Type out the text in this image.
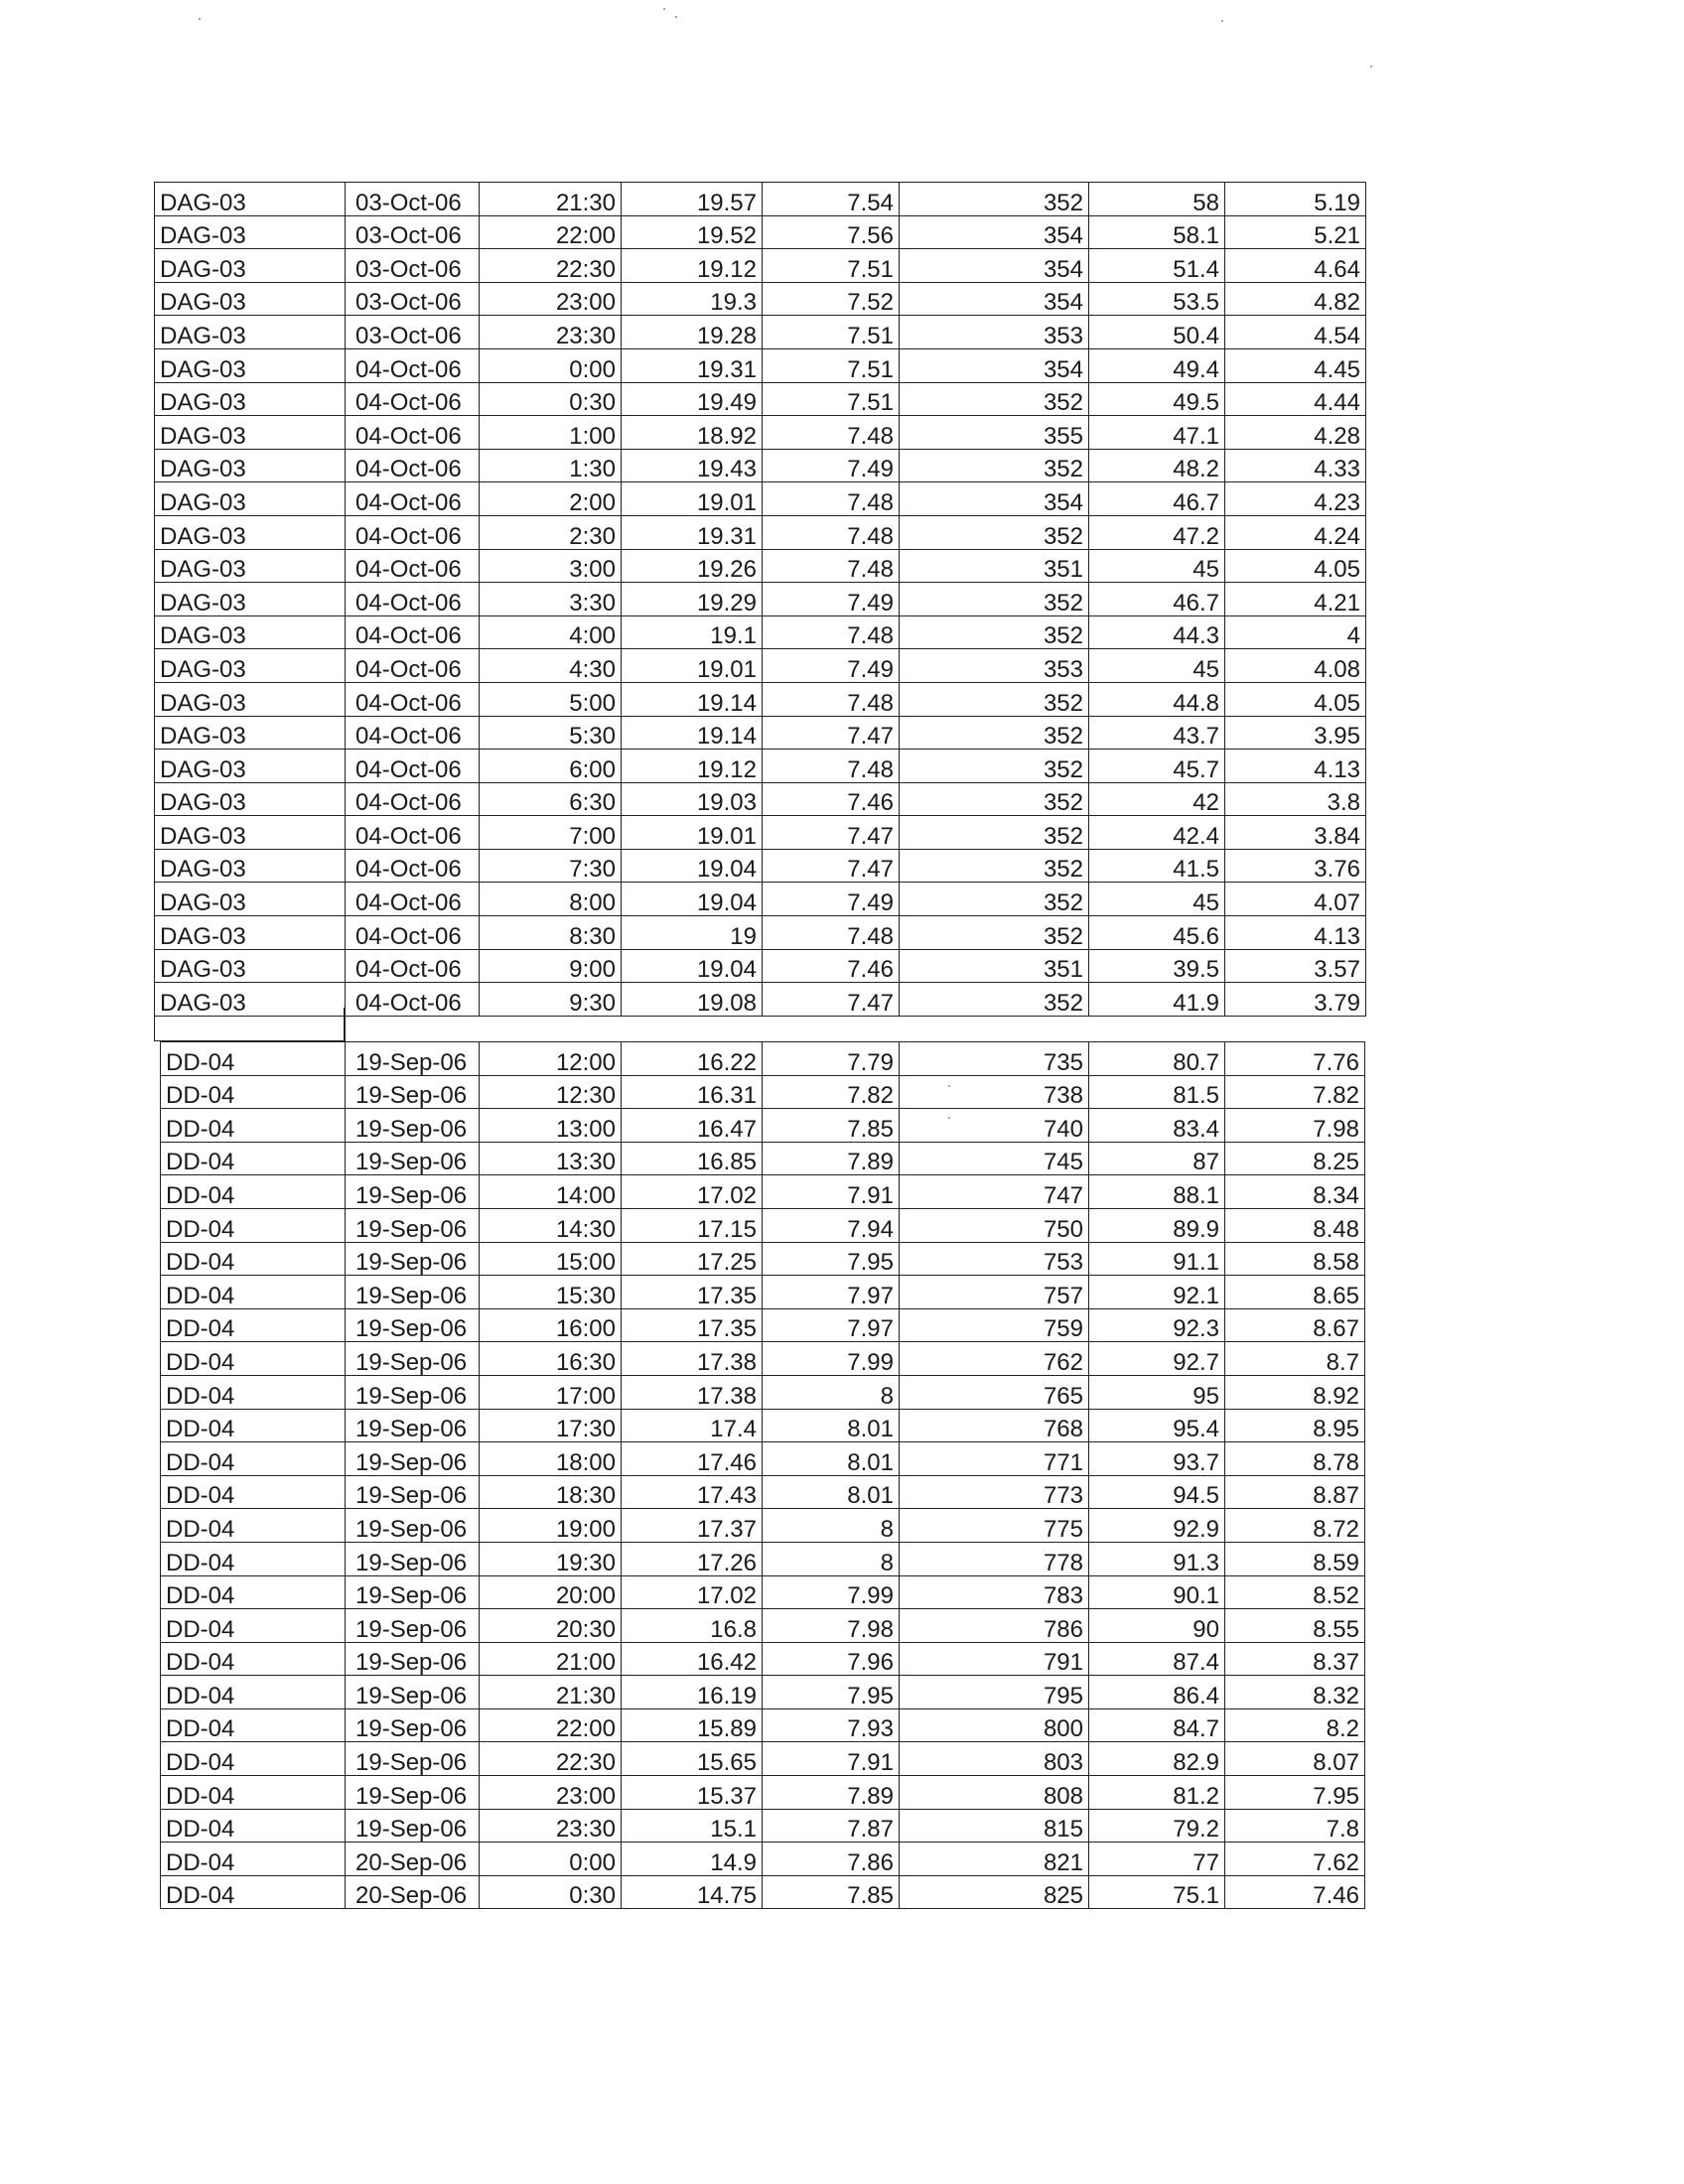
DAG-03	03-Oct-06	21:30	19.57	7.54	352	58	5.19
DAG-03	03-Oct-06	22:00	19.52	7.56	354	58.1	5.21
DAG-03	03-Oct-06	22:30	19.12	7.51	354	51.4	4.64
DAG-03	03-Oct-06	23:00	19.3	7.52	354	53.5	4.82
DAG-03	03-Oct-06	23:30	19.28	7.51	353	50.4	4.54
DAG-03	04-Oct-06	0:00	19.31	7.51	354	49.4	4.45
DAG-03	04-Oct-06	0:30	19.49	7.51	352	49.5	4.44
DAG-03	04-Oct-06	1:00	18.92	7.48	355	47.1	4.28
DAG-03	04-Oct-06	1:30	19.43	7.49	352	48.2	4.33
DAG-03	04-Oct-06	2:00	19.01	7.48	354	46.7	4.23
DAG-03	04-Oct-06	2:30	19.31	7.48	352	47.2	4.24
DAG-03	04-Oct-06	3:00	19.26	7.48	351	45	4.05
DAG-03	04-Oct-06	3:30	19.29	7.49	352	46.7	4.21
DAG-03	04-Oct-06	4:00	19.1	7.48	352	44.3	4
DAG-03	04-Oct-06	4:30	19.01	7.49	353	45	4.08
DAG-03	04-Oct-06	5:00	19.14	7.48	352	44.8	4.05
DAG-03	04-Oct-06	5:30	19.14	7.47	352	43.7	3.95
DAG-03	04-Oct-06	6:00	19.12	7.48	352	45.7	4.13
DAG-03	04-Oct-06	6:30	19.03	7.46	352	42	3.8
DAG-03	04-Oct-06	7:00	19.01	7.47	352	42.4	3.84
DAG-03	04-Oct-06	7:30	19.04	7.47	352	41.5	3.76
DAG-03	04-Oct-06	8:00	19.04	7.49	352	45	4.07
DAG-03	04-Oct-06	8:30	19	7.48	352	45.6	4.13
DAG-03	04-Oct-06	9:00	19.04	7.46	351	39.5	3.57
DAG-03	04-Oct-06	9:30	19.08	7.47	352	41.9	3.79
DD-04	19-Sep-06	12:00	16.22	7.79	735	80.7	7.76
DD-04	19-Sep-06	12:30	16.31	7.82	738	81.5	7.82
DD-04	19-Sep-06	13:00	16.47	7.85	740	83.4	7.98
DD-04	19-Sep-06	13:30	16.85	7.89	745	87	8.25
DD-04	19-Sep-06	14:00	17.02	7.91	747	88.1	8.34
DD-04	19-Sep-06	14:30	17.15	7.94	750	89.9	8.48
DD-04	19-Sep-06	15:00	17.25	7.95	753	91.1	8.58
DD-04	19-Sep-06	15:30	17.35	7.97	757	92.1	8.65
DD-04	19-Sep-06	16:00	17.35	7.97	759	92.3	8.67
DD-04	19-Sep-06	16:30	17.38	7.99	762	92.7	8.7
DD-04	19-Sep-06	17:00	17.38	8	765	95	8.92
DD-04	19-Sep-06	17:30	17.4	8.01	768	95.4	8.95
DD-04	19-Sep-06	18:00	17.46	8.01	771	93.7	8.78
DD-04	19-Sep-06	18:30	17.43	8.01	773	94.5	8.87
DD-04	19-Sep-06	19:00	17.37	8	775	92.9	8.72
DD-04	19-Sep-06	19:30	17.26	8	778	91.3	8.59
DD-04	19-Sep-06	20:00	17.02	7.99	783	90.1	8.52
DD-04	19-Sep-06	20:30	16.8	7.98	786	90	8.55
DD-04	19-Sep-06	21:00	16.42	7.96	791	87.4	8.37
DD-04	19-Sep-06	21:30	16.19	7.95	795	86.4	8.32
DD-04	19-Sep-06	22:00	15.89	7.93	800	84.7	8.2
DD-04	19-Sep-06	22:30	15.65	7.91	803	82.9	8.07
DD-04	19-Sep-06	23:00	15.37	7.89	808	81.2	7.95
DD-04	19-Sep-06	23:30	15.1	7.87	815	79.2	7.8
DD-04	20-Sep-06	0:00	14.9	7.86	821	77	7.62
DD-04	20-Sep-06	0:30	14.75	7.85	825	75.1	7.46
